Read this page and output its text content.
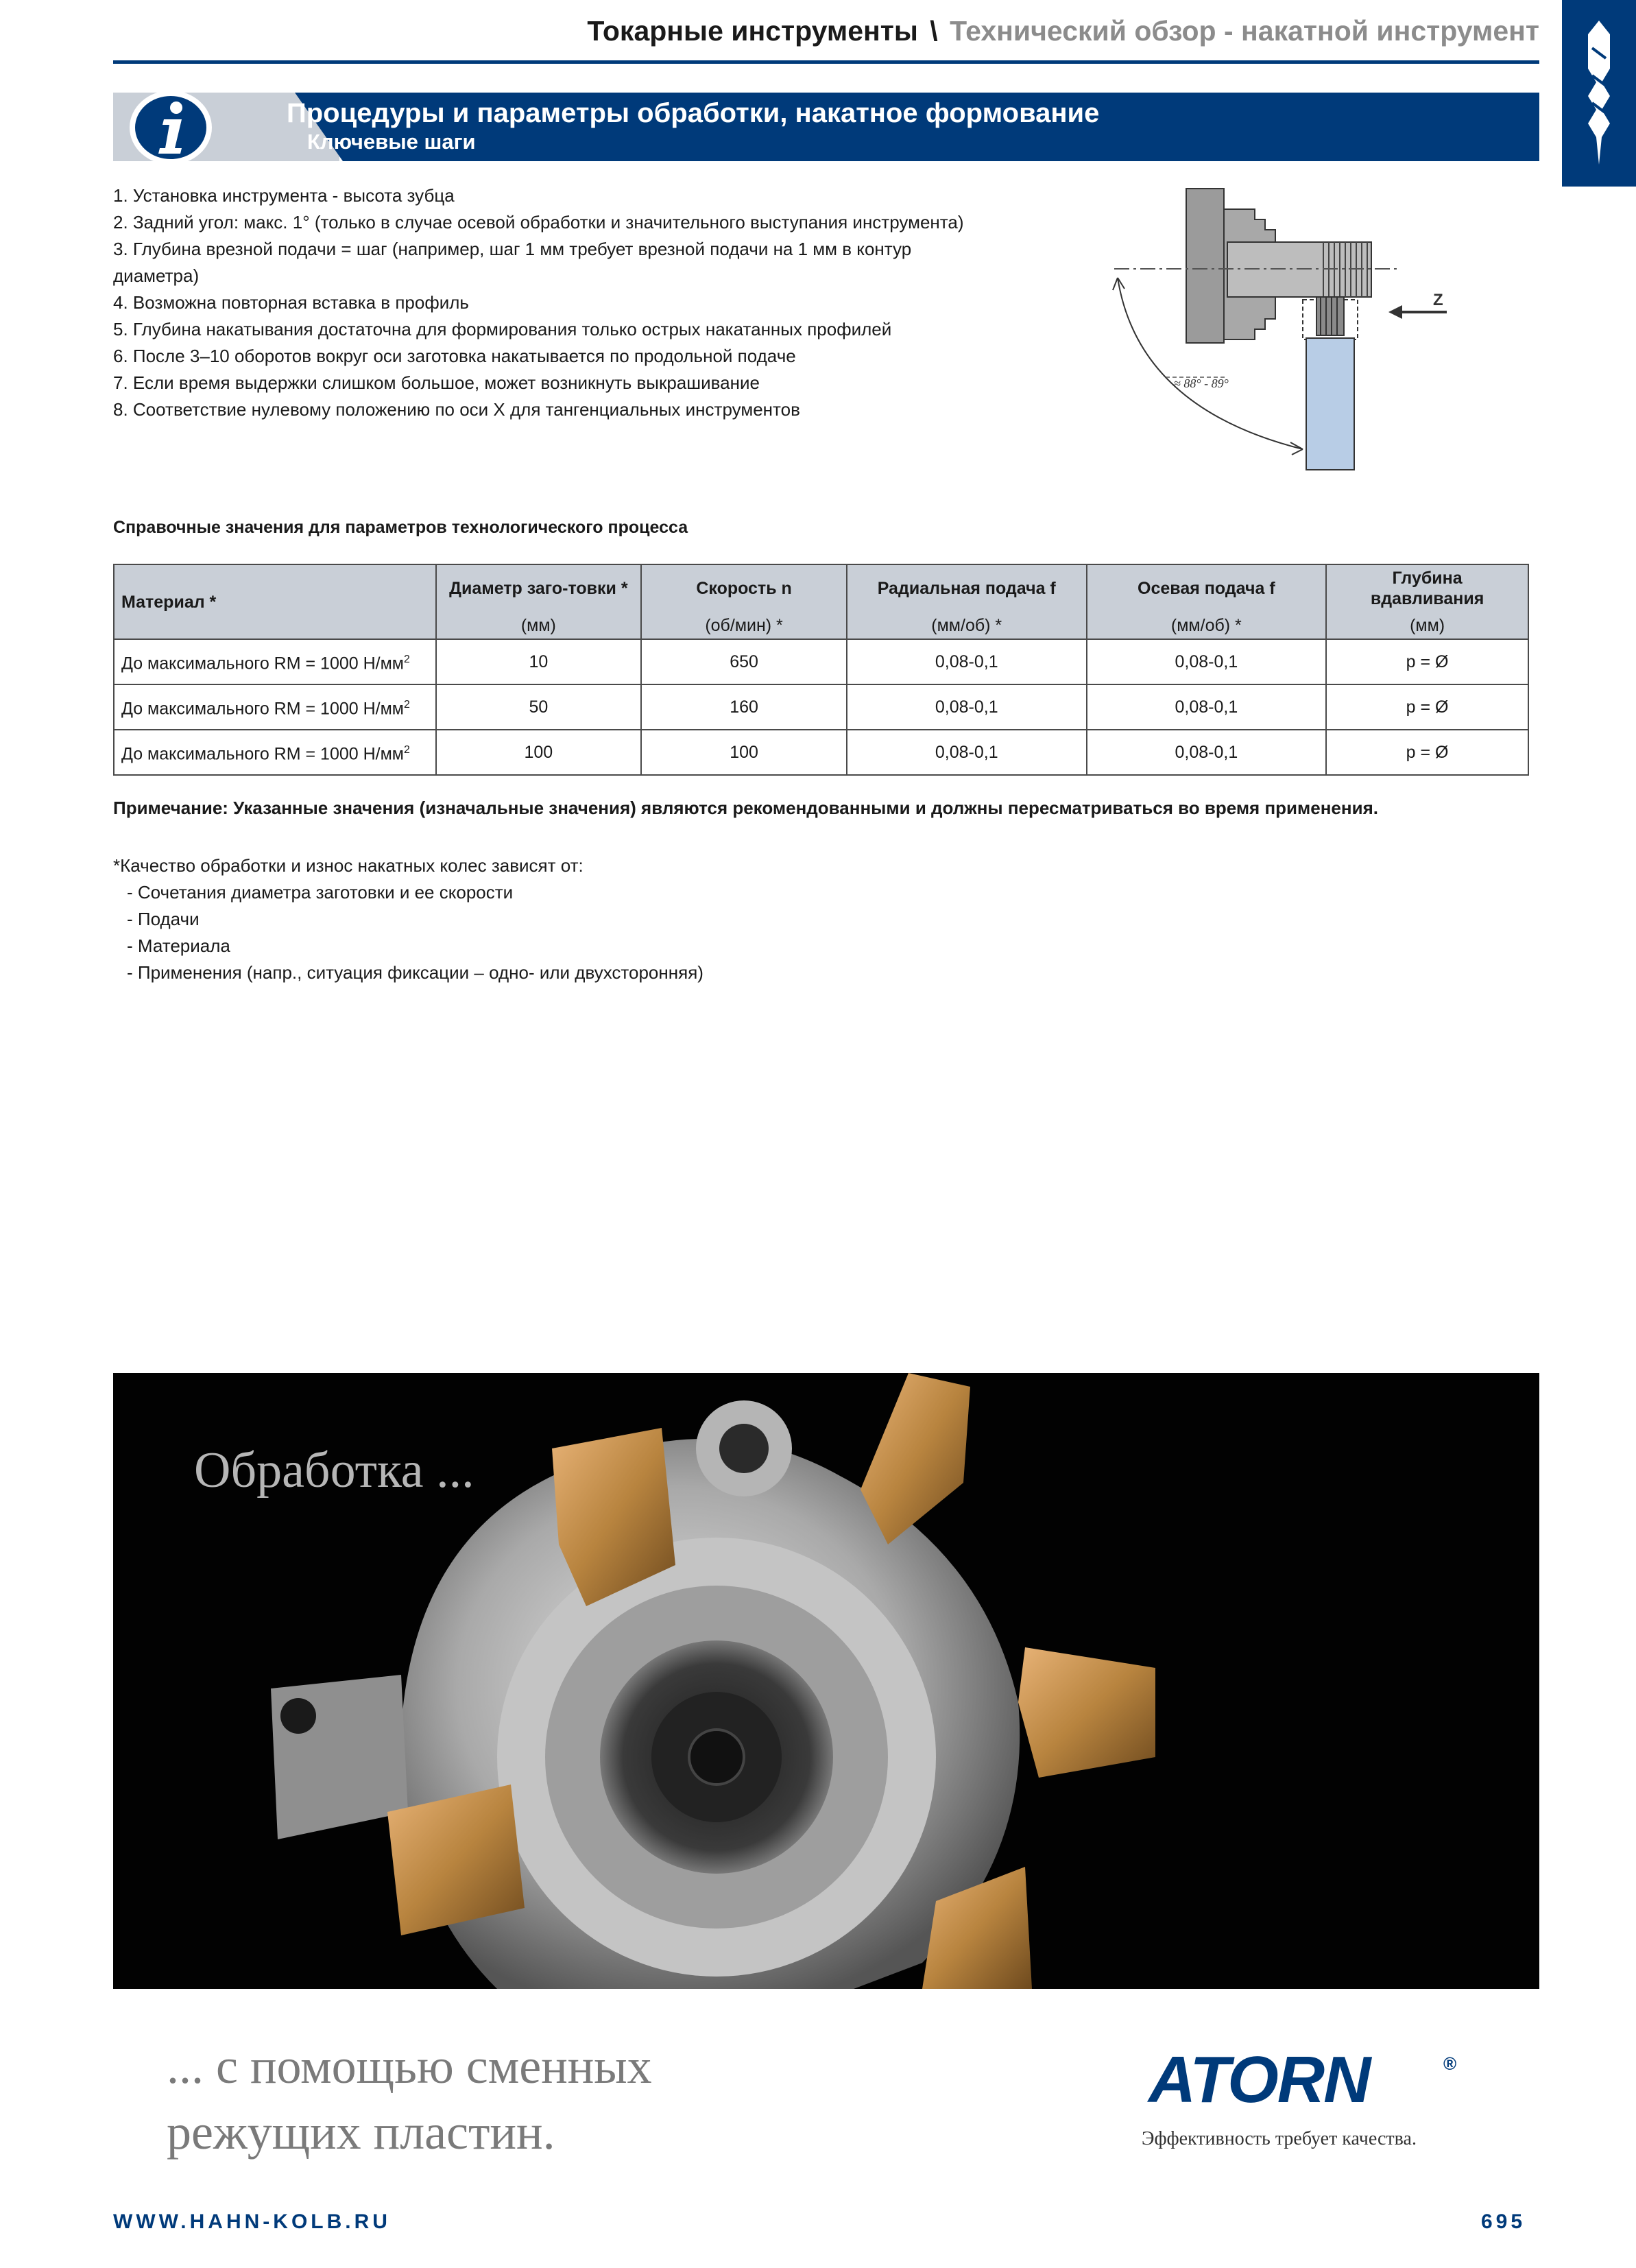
Токарные инструменты \ Технический обзор - накатной инструмент
Процедуры и параметры обработки, накатное формование
Ключевые шаги
1. Установка инструмента - высота зубца
2. Задний угол: макс. 1° (только в случае осевой обработки и значительного выступания инструмента)
3. Глубина врезной подачи = шаг (например, шаг 1 мм требует врезной подачи на 1 мм в контур
диаметра)
4. Возможна повторная вставка в профиль
5. Глубина накатывания достаточна для формирования только острых накатанных профилей
6. После 3–10 оборотов вокруг оси заготовка накатывается по продольной подаче
7. Если время выдержки слишком большое, может возникнуть выкрашивание
8. Соответствие нулевому положению по оси X для тангенциальных инструментов
≈ 88° - 89°
Z
Справочные значения для параметров технологического процесса
Материал *	Диаметр заго-товки *	Скорость n	Радиальная подача f	Осевая подача f	Глубина вдавливания
	(мм)	(об/мин) *	(мм/об) *	(мм/об) *	(мм)
До максимального RM = 1000 $Н/мм^2$	10	650	0,08-0,1	0,08-0,1	p = Ø
До максимального RM = 1000 $Н/мм^2$	50	160	0,08-0,1	0,08-0,1	p = Ø
До максимального RM = 1000 $Н/мм^2$	100	100	0,08-0,1	0,08-0,1	p = Ø
Примечание: Указанные значения (изначальные значения) являются рекомендованными и должны пересматриваться во время применения.
*Качество обработки и износ накатных колес зависят от:
- Сочетания диаметра заготовки и ее скорости
- Подачи
- Материала
- Применения (напр., ситуация фиксации – одно- или двухсторонняя)
Обработка ...
... с помощью сменных
режущих пластин.
ATORN	®
Эффективность требует качества.
WWW.HAHN-KOLB.RU	695
